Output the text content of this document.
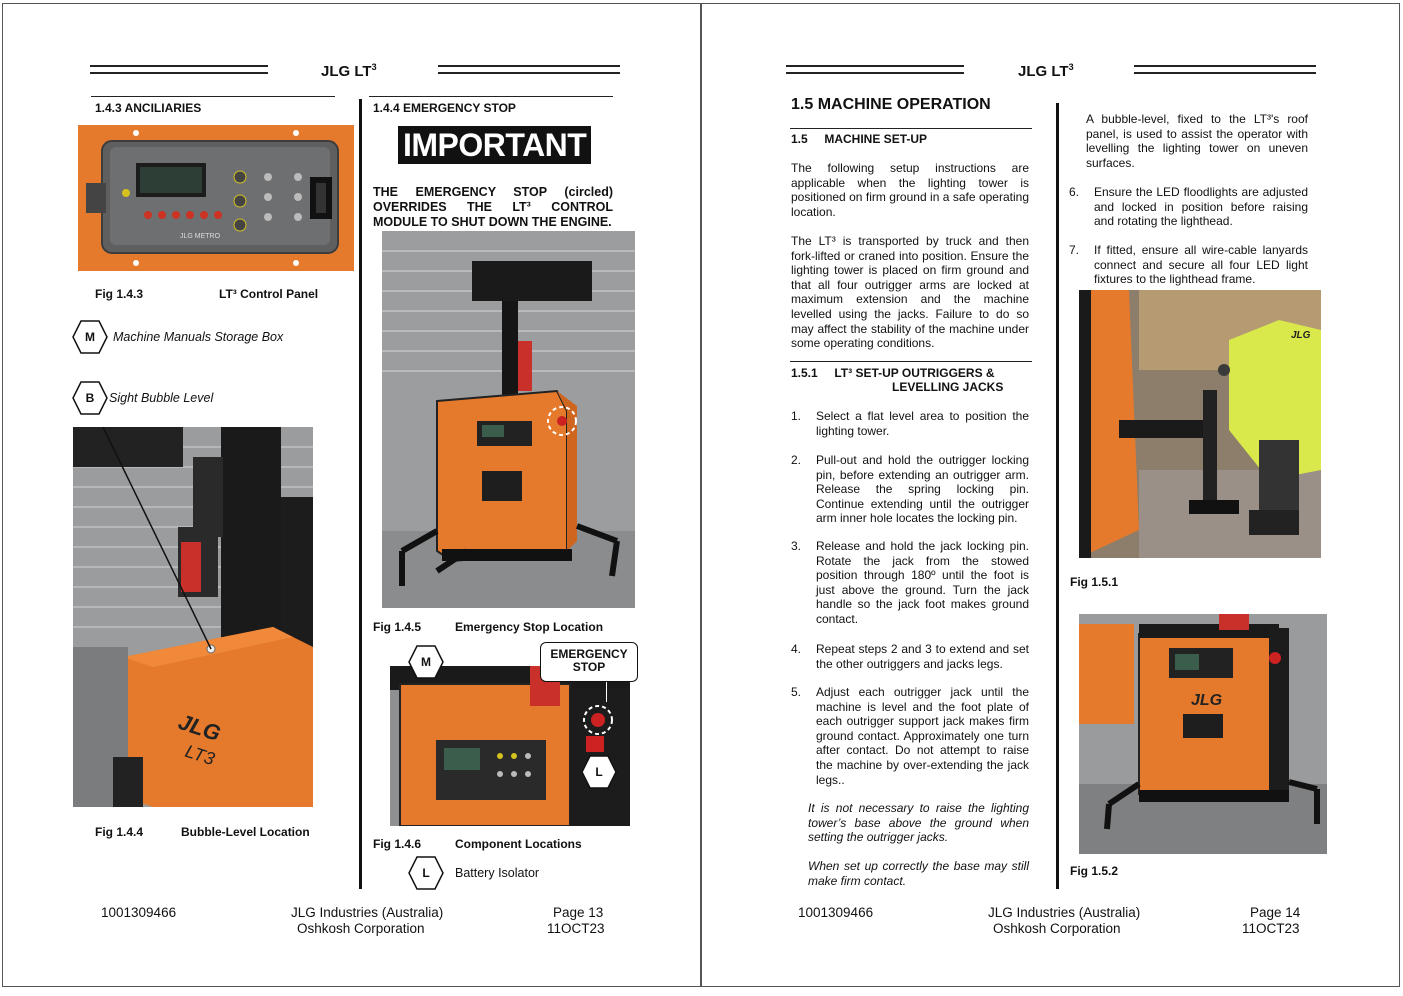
JLG $LT^3$
1.4.3 ANCILIARIES
JLG METRO
Fig 1.4.3	LT³ Control Panel
M	Machine Manuals Storage Box
B	Sight Bubble Level
JLG
LT3
Fig 1.4.4	Bubble-Level Location
1.4.4 EMERGENCY STOP
IMPORTANT
THE EMERGENCY STOP (circled) OVERRIDES THE LT³ CONTROL MODULE TO SHUT DOWN THE ENGINE.
Fig 1.4.5	Emergency Stop Location
M
EMERGENCY STOP
L
Fig 1.4.6	Component Locations
L	Battery Isolator
1001309466	JLG Industries (Australia)
Oshkosh Corporation
Page 13
11OCT23
JLG $LT^3$
1.5 MACHINE OPERATION
1.5     MACHINE SET-UP
The following setup instructions are applicable when the lighting tower is positioned on firm ground in a safe operating location.
The LT³ is transported by truck and then fork-lifted or craned into position. Ensure the lighting tower is placed on firm ground and that all four outrigger arms are locked at maximum extension and the machine levelled using the jacks. Failure to do so may affect the stability of the machine under some operating conditions.
1.5.1     LT³ SET-UP OUTRIGGERS &
LEVELLING JACKS
1. Select a flat level area to position the lighting tower.
2. Pull-out and hold the outrigger locking pin, before extending an outrigger arm. Release the spring locking pin. Continue extending until the outrigger arm inner hole locates the locking pin.
3. Release and hold the jack locking pin. Rotate the jack from the stowed position through 180º until the foot is just above the ground. Turn the jack handle so the jack foot makes ground contact.
4. Repeat steps 2 and 3 to extend and set the other outriggers and jacks legs.
5. Adjust each outrigger jack until the machine is level and the foot plate of each outrigger support jack makes firm ground contact. Approximately one turn after contact. Do not attempt to raise the machine by over-extending the jack legs..
It is not necessary to raise the lighting tower’s base above the ground when setting the outrigger jacks.
When set up correctly the base may still make firm contact.
A bubble-level, fixed to the LT³'s roof panel, is used to assist the operator with levelling the lighting tower on uneven surfaces.
6. Ensure the LED floodlights are adjusted and locked in position before raising and rotating the lighthead.
7. If fitted, ensure all wire-cable lanyards connect and secure all four LED light fixtures to the lighthead frame.
JLG
Fig 1.5.1
JLG
Fig 1.5.2
1001309466	JLG Industries (Australia)
Oshkosh Corporation
Page 14
11OCT23
